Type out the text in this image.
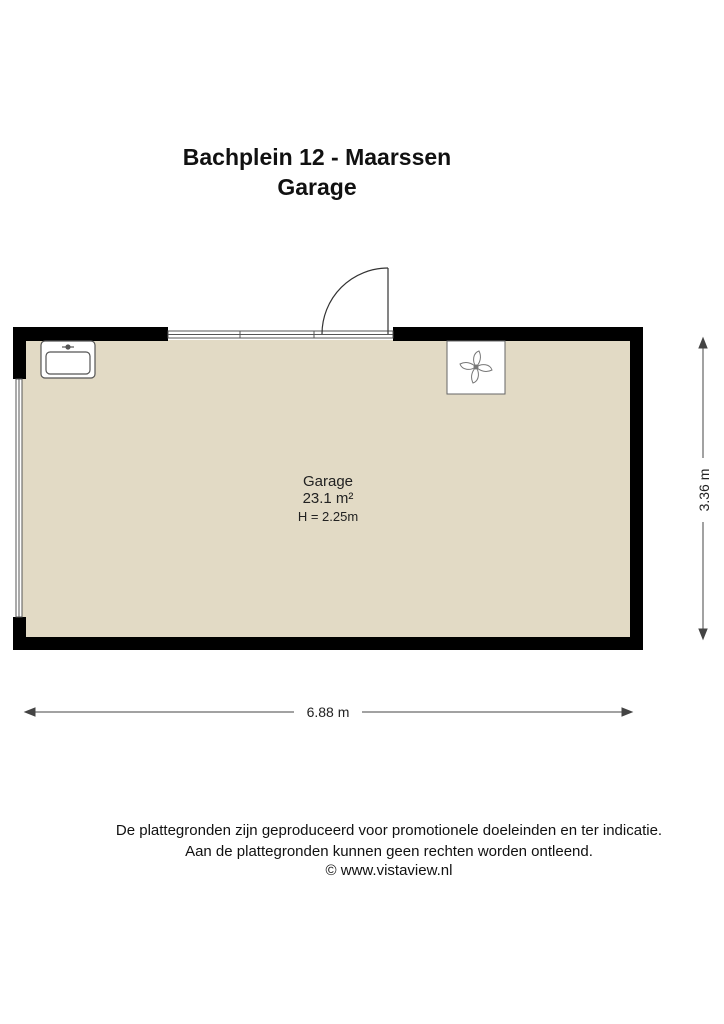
Bachplein 12 - Maarssen
Garage
Garage
23.1 m²
H = 2.25m
3.36 m
6.88 m
De plattegronden zijn geproduceerd voor promotionele doeleinden en ter indicatie.
Aan de plattegronden kunnen geen rechten worden ontleend.
© www.vistaview.nl
